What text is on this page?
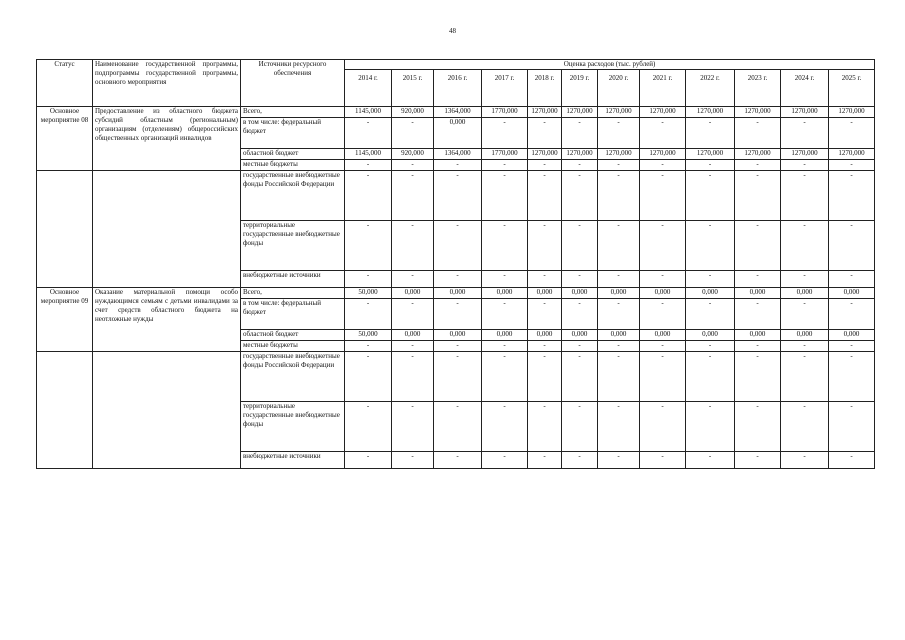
48
Статус	Наименование государственной программы, подпрограммы государственной программы, основного мероприятия	Источники ресурсного обеспечения	Оценка расходов (тыс. рублей)											
			2014 г.	2015 г.	2016 г.	2017 г.	2018 г.	2019 г.	2020 г.	2021 г.	2022 г.	2023 г.	2024 г.	2025 г.
Основное мероприятие 08	Предоставление из областного бюджета субсидий областным (региональным) организациям (отделениям) общероссийских общественных организаций инвалидов	Всего,	1145,000	920,000	1364,000	1770,000	1270,000	1270,000	1270,000	1270,000	1270,000	1270,000	1270,000	1270,000
		в том числе: федеральный бюджет	-	-	0,000	-	-	-	-	-	-	-	-	-
		областной бюджет	1145,000	920,000	1364,000	1770,000	1270,000	1270,000	1270,000	1270,000	1270,000	1270,000	1270,000	1270,000
		местные бюджеты	-	-	-	-	-	-	-	-	-	-	-	-
		государственные внебюджетные фонды Российской Федерации	-	-	-	-	-	-	-	-	-	-	-	-
		территориальные государственные внебюджетные фонды	-	-	-	-	-	-	-	-	-	-	-	-
		внебюджетные источники	-	-	-	-	-	-	-	-	-	-	-	-
Основное мероприятие 09	Оказание материальной помощи особо нуждающимся семьям с детьми инвалидами за счет средств областного бюджета на неотложные нужды	Всего,	50,000	0,000	0,000	0,000	0,000	0,000	0,000	0,000	0,000	0,000	0,000	0,000
		в том числе: федеральный бюджет	-	-	-	-	-	-	-	-	-	-	-	-
		областной бюджет	50,000	0,000	0,000	0,000	0,000	0,000	0,000	0,000	0,000	0,000	0,000	0,000
		местные бюджеты	-	-	-	-	-	-	-	-	-	-	-	-
		государственные внебюджетные фонды Российской Федерации	-	-	-	-	-	-	-	-	-	-	-	-
		территориальные государственные внебюджетные фонды	-	-	-	-	-	-	-	-	-	-	-	-
		внебюджетные источники	-	-	-	-	-	-	-	-	-	-	-	-
